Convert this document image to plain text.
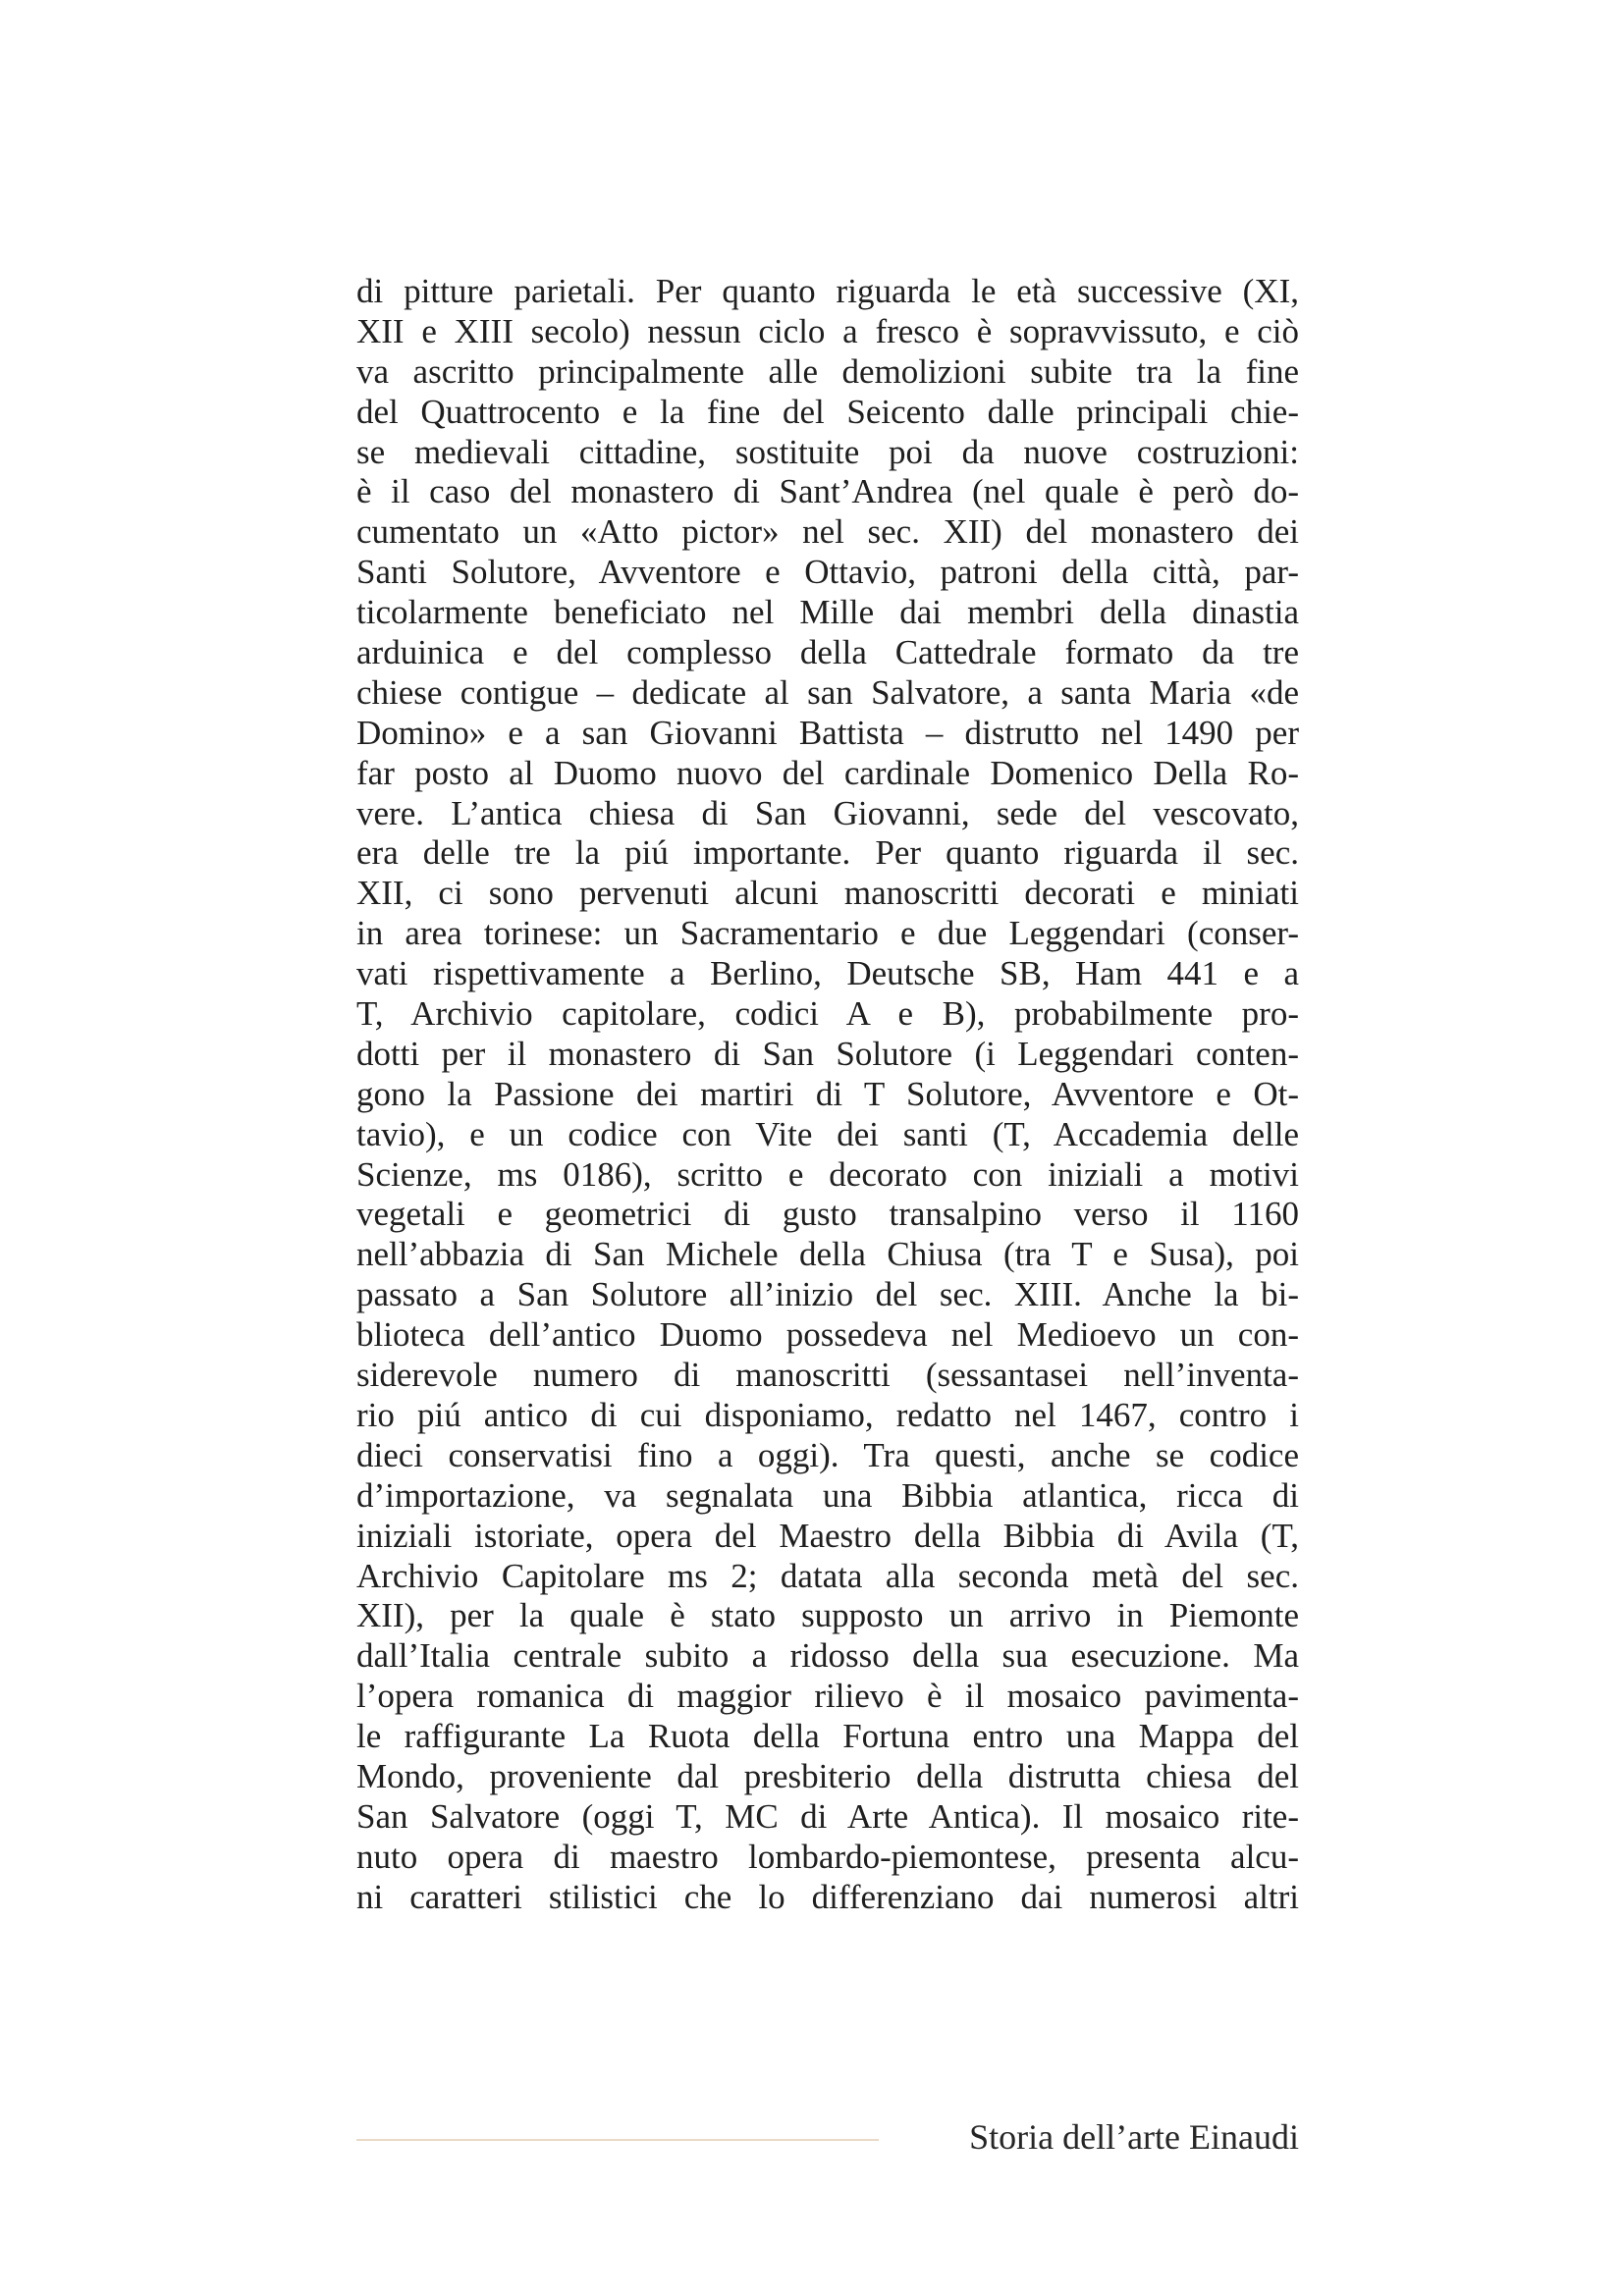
di pitture parietali. Per quanto riguarda le età successive (XI,
XII e XIII secolo) nessun ciclo a fresco è sopravvissuto, e ciò
va ascritto principalmente alle demolizioni subite tra la fine
del Quattrocento e la fine del Seicento dalle principali chie-
se medievali cittadine, sostituite poi da nuove costruzioni:
è il caso del monastero di Sant’Andrea (nel quale è però do-
cumentato un «Atto pictor» nel sec. XII) del monastero dei
Santi Solutore, Avventore e Ottavio, patroni della città, par-
ticolarmente beneficiato nel Mille dai membri della dinastia
arduinica e del complesso della Cattedrale formato da tre
chiese contigue – dedicate al san Salvatore, a santa Maria «de
Domino» e a san Giovanni Battista – distrutto nel 1490 per
far posto al Duomo nuovo del cardinale Domenico Della Ro-
vere. L’antica chiesa di San Giovanni, sede del vescovato,
era delle tre la piú importante. Per quanto riguarda il sec.
XII, ci sono pervenuti alcuni manoscritti decorati e miniati
in area torinese: un Sacramentario e due Leggendari (conser-
vati rispettivamente a Berlino, Deutsche SB, Ham 441 e a
T, Archivio capitolare, codici A e B), probabilmente pro-
dotti per il monastero di San Solutore (i Leggendari conten-
gono la Passione dei martiri di T Solutore, Avventore e Ot-
tavio), e un codice con Vite dei santi (T, Accademia delle
Scienze, ms 0186), scritto e decorato con iniziali a motivi
vegetali e geometrici di gusto transalpino verso il 1160
nell’abbazia di San Michele della Chiusa (tra T e Susa), poi
passato a San Solutore all’inizio del sec. XIII. Anche la bi-
blioteca dell’antico Duomo possedeva nel Medioevo un con-
siderevole numero di manoscritti (sessantasei nell’inventa-
rio piú antico di cui disponiamo, redatto nel 1467, contro i
dieci conservatisi fino a oggi). Tra questi, anche se codice
d’importazione, va segnalata una Bibbia atlantica, ricca di
iniziali istoriate, opera del Maestro della Bibbia di Avila (T,
Archivio Capitolare ms 2; datata alla seconda metà del sec.
XII), per la quale è stato supposto un arrivo in Piemonte
dall’Italia centrale subito a ridosso della sua esecuzione. Ma
l’opera romanica di maggior rilievo è il mosaico pavimenta-
le raffigurante La Ruota della Fortuna entro una Mappa del
Mondo, proveniente dal presbiterio della distrutta chiesa del
San Salvatore (oggi T, MC di Arte Antica). Il mosaico rite-
nuto opera di maestro lombardo-piemontese, presenta alcu-
ni caratteri stilistici che lo differenziano dai numerosi altri
Storia dell’arte Einaudi
